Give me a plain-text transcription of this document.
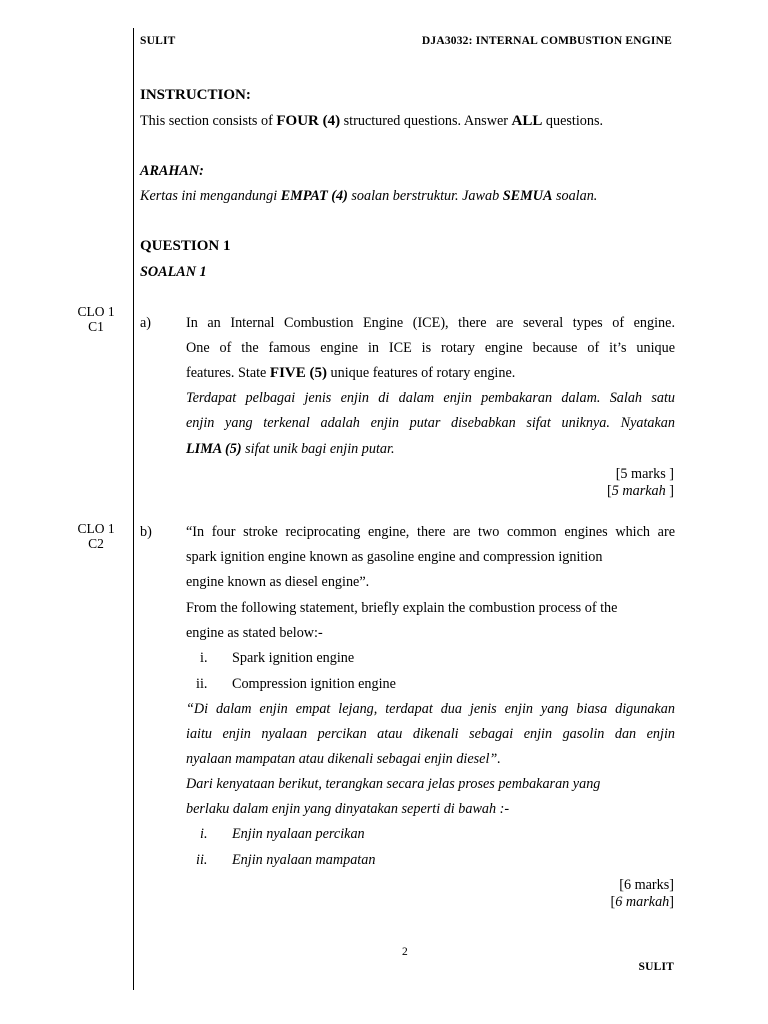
SULIT	DJA3032: INTERNAL COMBUSTION ENGINE
INSTRUCTION:
This section consists of FOUR (4) structured questions. Answer ALL questions.
ARAHAN:
Kertas ini mengandungi EMPAT (4) soalan berstruktur. Jawab SEMUA soalan.
QUESTION 1
SOALAN 1
CLO 1
C1	a) In an Internal Combustion Engine (ICE), there are several types of engine.
One of the famous engine in ICE is rotary engine because of it’s unique
features. State FIVE (5) unique features of rotary engine.
Terdapat pelbagai jenis enjin di dalam enjin pembakaran dalam. Salah satu
enjin yang terkenal adalah enjin putar disebabkan sifat uniknya. Nyatakan
LIMA (5) sifat unik bagi enjin putar.
[5 marks ]
[5 markah ]
CLO 1
C2
b) “In four stroke reciprocating engine, there are two common engines which are
spark ignition engine known as gasoline engine and compression ignition
engine known as diesel engine”.
From the following statement, briefly explain the combustion process of the
engine as stated below:-
i. Spark ignition engine
ii. Compression ignition engine
“Di dalam enjin empat lejang, terdapat dua jenis enjin yang biasa digunakan
iaitu enjin nyalaan percikan atau dikenali sebagai enjin gasolin dan enjin
nyalaan mampatan atau dikenali sebagai enjin diesel”.
Dari kenyataan berikut, terangkan secara jelas proses pembakaran yang
berlaku dalam enjin yang dinyatakan seperti di bawah :-
i. Enjin nyalaan percikan
ii. Enjin nyalaan mampatan
[6 marks]
[6 markah]
2
SULIT
